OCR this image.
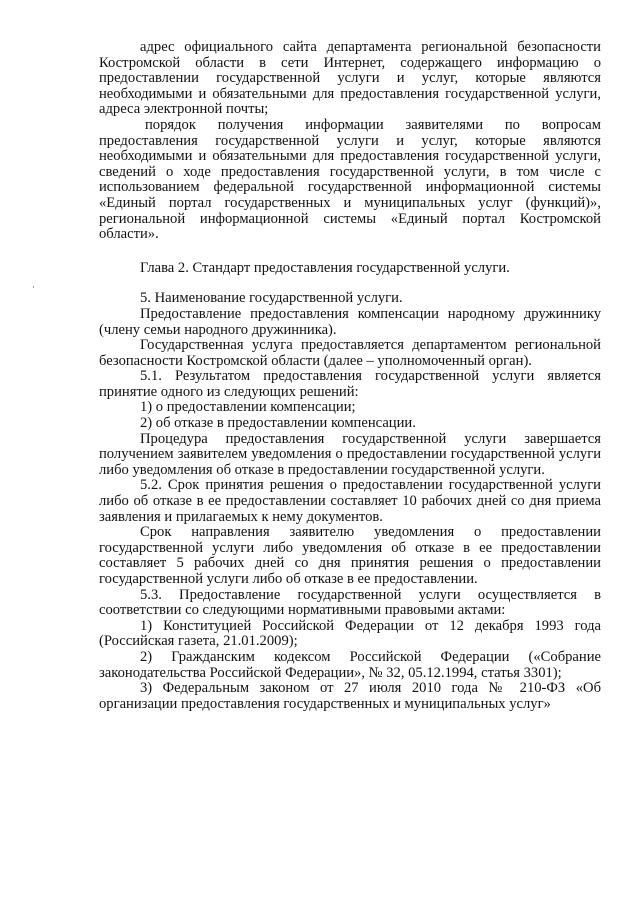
адрес официального сайта департамента региональной безопасности Костромской области в сети Интернет, содержащего информацию о предоставлении государственной услуги и услуг, которые являются необходимыми и обязательными для предоставления государственной услуги, адреса электронной почты;

порядок получения информации заявителями по вопросам предоставления государственной услуги и услуг, которые являются необходимыми и обязательными для предоставления государственной услуги, сведений о ходе предоставления государственной услуги, в том числе с использованием федеральной государственной информационной системы «Единый портал государственных и муниципальных услуг (функций)», региональной информационной системы «Единый портал Костромской области».

Глава 2. Стандарт предоставления государственной услуги.

5. Наименование государственной услуги.

Предоставление предоставления компенсации народному дружиннику (члену семьи народного дружинника).

Государственная услуга предоставляется департаментом региональной безопасности Костромской области (далее – уполномоченный орган).

5.1. Результатом предоставления государственной услуги является принятие одного из следующих решений:

1) о предоставлении компенсации;

2) об отказе в предоставлении компенсации.

Процедура предоставления государственной услуги завершается получением заявителем уведомления о предоставлении государственной услуги либо уведомления об отказе в предоставлении государственной услуги.

5.2. Срок принятия решения о предоставлении государственной услуги либо об отказе в ее предоставлении составляет 10 рабочих дней со дня приема заявления и прилагаемых к нему документов.

Срок направления заявителю уведомления о предоставлении государственной услуги либо уведомления об отказе в ее предоставлении составляет 5 рабочих дней со дня принятия решения о предоставлении государственной услуги либо об отказе в ее предоставлении.

5.3. Предоставление государственной услуги осуществляется в соответствии со следующими нормативными правовыми актами:

1) Конституцией Российской Федерации от 12 декабря 1993 года (Российская газета, 21.01.2009);

2) Гражданским кодексом Российской Федерации («Собрание законодательства Российской Федерации», № 32, 05.12.1994, статья 3301);

3) Федеральным законом от 27 июля 2010 года № 210-ФЗ «Об организации предоставления государственных и муниципальных услуг»
